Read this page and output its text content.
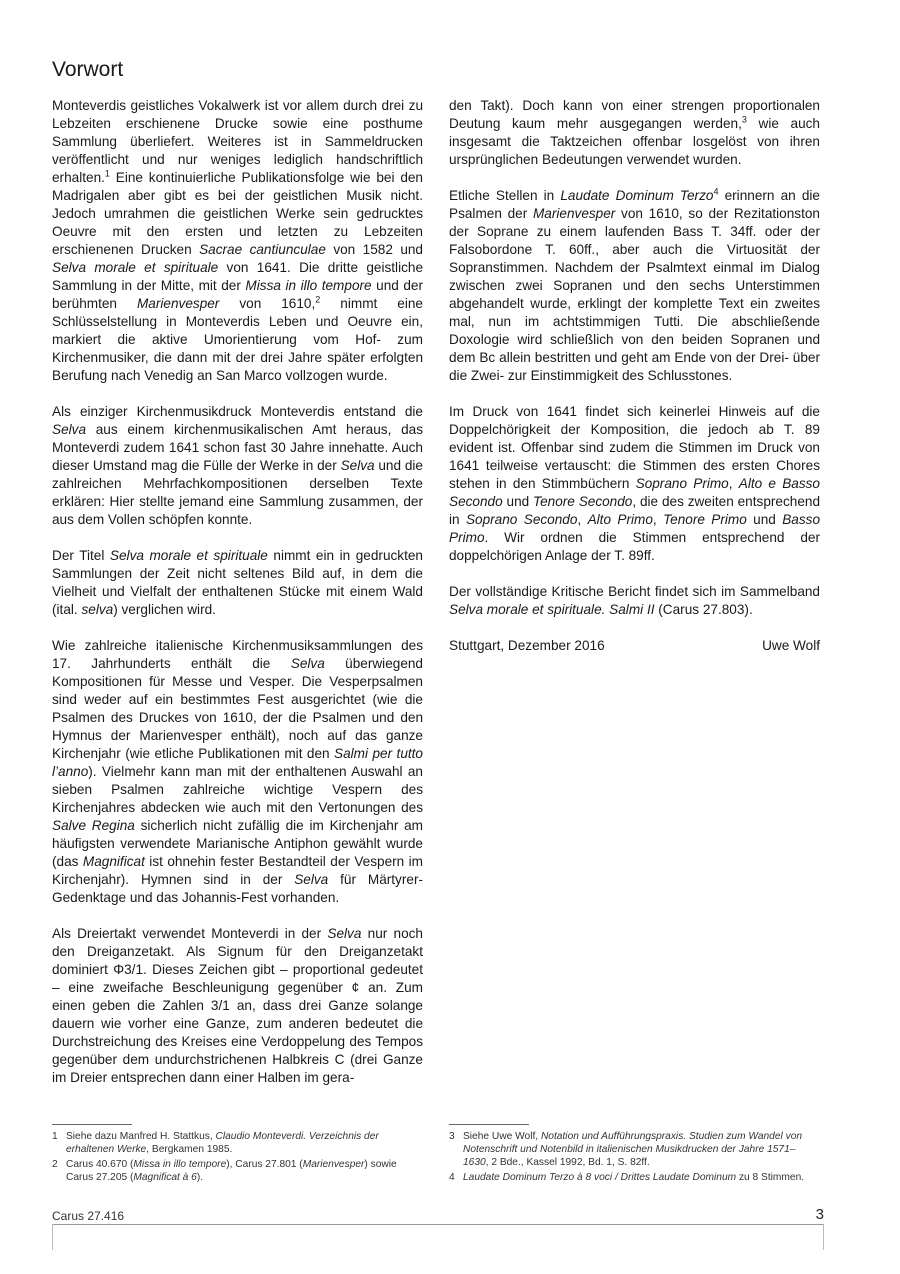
Vorwort

Monteverdis geistliches Vokalwerk ist vor allem durch drei zu Lebzeiten erschienene Drucke sowie eine posthume Sammlung überliefert. Weiteres ist in Sammeldrucken veröffentlicht und nur weniges lediglich handschriftlich erhalten.$^1$ Eine kontinuierliche Publikationsfolge wie bei den Madrigalen aber gibt es bei der geistlichen Musik nicht. Jedoch umrahmen die geistlichen Werke sein gedrucktes Oeuvre mit den ersten und letzten zu Lebzeiten erschienenen Drucken Sacrae cantiunculae von 1582 und Selva morale et spirituale von 1641. Die dritte geistliche Sammlung in der Mitte, mit der Missa in illo tempore und der berühmten Marienvesper von 1610,$^2$ nimmt eine Schlüsselstellung in Monteverdis Leben und Oeuvre ein, markiert die aktive Umorientierung vom Hof- zum Kirchenmusiker, die dann mit der drei Jahre später erfolgten Berufung nach Venedig an San Marco vollzogen wurde.

Als einziger Kirchenmusikdruck Monteverdis entstand die Selva aus einem kirchenmusikalischen Amt heraus, das Monteverdi zudem 1641 schon fast 30 Jahre innehatte. Auch dieser Umstand mag die Fülle der Werke in der Selva und die zahlreichen Mehrfachkompositionen derselben Texte erklären: Hier stellte jemand eine Sammlung zusammen, der aus dem Vollen schöpfen konnte.

Der Titel Selva morale et spirituale nimmt ein in gedruckten Sammlungen der Zeit nicht seltenes Bild auf, in dem die Vielheit und Vielfalt der enthaltenen Stücke mit einem Wald (ital. selva) verglichen wird.

Wie zahlreiche italienische Kirchenmusiksammlungen des 17. Jahrhunderts enthält die Selva überwiegend Kompositionen für Messe und Vesper. Die Vesperpsalmen sind weder auf ein bestimmtes Fest ausgerichtet (wie die Psalmen des Druckes von 1610, der die Psalmen und den Hymnus der Marienvesper enthält), noch auf das ganze Kirchenjahr (wie etliche Publikationen mit den Salmi per tutto l’anno). Vielmehr kann man mit der enthaltenen Auswahl an sieben Psalmen zahlreiche wichtige Vespern des Kirchenjahres abdecken wie auch mit den Vertonungen des Salve Regina sicherlich nicht zufällig die im Kirchenjahr am häufigsten verwendete Marianische Antiphon gewählt wurde (das Magnificat ist ohnehin fester Bestandteil der Vespern im Kirchenjahr). Hymnen sind in der Selva für Märtyrer-Gedenktage und das Johannis-Fest vorhanden.

Als Dreiertakt verwendet Monteverdi in der Selva nur noch den Dreiganzetakt. Als Signum für den Dreiganzetakt dominiert Φ3/1. Dieses Zeichen gibt – proportional gedeutet – eine zweifache Beschleunigung gegenüber ¢ an. Zum einen geben die Zahlen 3/1 an, dass drei Ganze solange dauern wie vorher eine Ganze, zum anderen bedeutet die Durchstreichung des Kreises eine Verdoppelung des Tempos gegenüber dem undurchstrichenen Halbkreis C (drei Ganze im Dreier entsprechen dann einer Halben im gera-

den Takt). Doch kann von einer strengen proportionalen Deutung kaum mehr ausgegangen werden,$^3$ wie auch insgesamt die Taktzeichen offenbar losgelöst von ihren ursprünglichen Bedeutungen verwendet wurden.

Etliche Stellen in Laudate Dominum Terzo$^4$ erinnern an die Psalmen der Marienvesper von 1610, so der Rezitationston der Soprane zu einem laufenden Bass T. 34ff. oder der Falsobordone T. 60ff., aber auch die Virtuosität der Sopranstimmen. Nachdem der Psalmtext einmal im Dialog zwischen zwei Sopranen und den sechs Unterstimmen abgehandelt wurde, erklingt der komplette Text ein zweites mal, nun im achtstimmigen Tutti. Die abschließende Doxologie wird schließlich von den beiden Sopranen und dem Bc allein bestritten und geht am Ende von der Drei- über die Zwei- zur Einstimmigkeit des Schlusstones.

Im Druck von 1641 findet sich keinerlei Hinweis auf die Doppelchörigkeit der Komposition, die jedoch ab T. 89 evident ist. Offenbar sind zudem die Stimmen im Druck von 1641 teilweise vertauscht: die Stimmen des ersten Chores stehen in den Stimmbüchern Soprano Primo, Alto e Basso Secondo und Tenore Secondo, die des zweiten entsprechend in Soprano Secondo, Alto Primo, Tenore Primo und Basso Primo. Wir ordnen die Stimmen entsprechend der doppelchörigen Anlage der T. 89ff.

Der vollständige Kritische Bericht findet sich im Sammelband Selva morale et spirituale. Salmi II (Carus 27.803).

Stuttgart, Dezember 2016	Uwe Wolf
1 Siehe dazu Manfred H. Stattkus, Claudio Monteverdi. Verzeichnis der erhaltenen Werke, Bergkamen 1985.
2 Carus 40.670 (Missa in illo tempore), Carus 27.801 (Marienvesper) sowie Carus 27.205 (Magnificat à 6).
3 Siehe Uwe Wolf, Notation und Aufführungspraxis. Studien zum Wandel von Notenschrift und Notenbild in italienischen Musikdrucken der Jahre 1571–1630, 2 Bde., Kassel 1992, Bd. 1, S. 82ff.
4 Laudate Dominum Terzo à 8 voci / Drittes Laudate Dominum zu 8 Stimmen.
Carus 27.416	3
